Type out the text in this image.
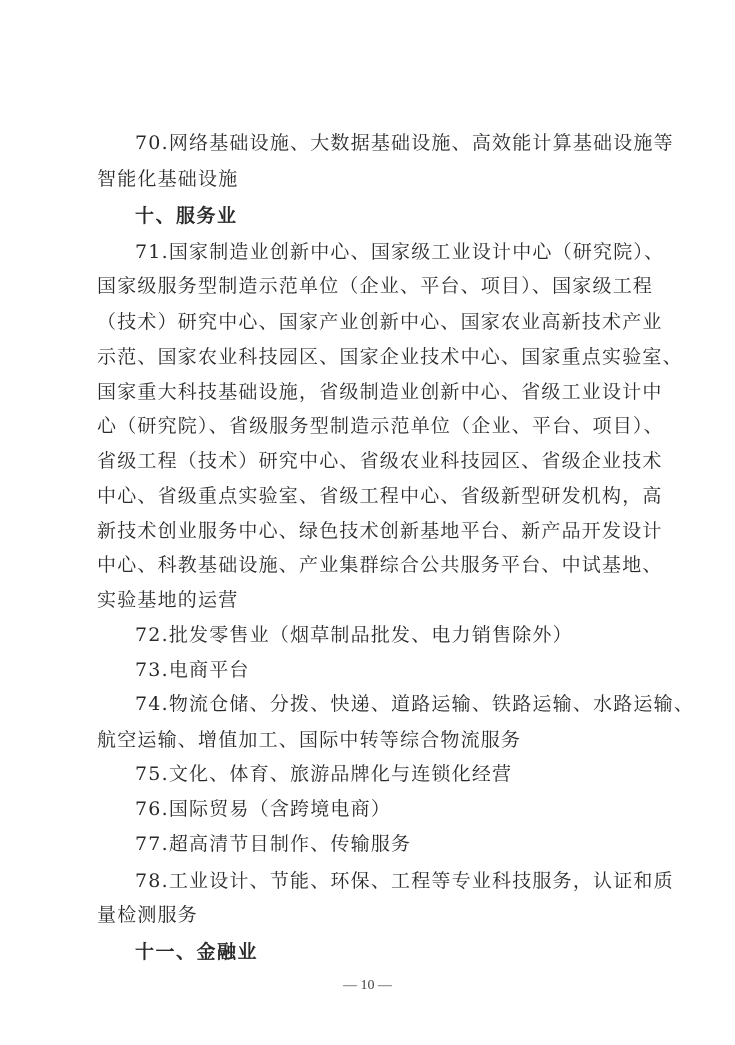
70.网络基础设施、大数据基础设施、高效能计算基础设施等
智能化基础设施
十、服务业
71.国家制造业创新中心、国家级工业设计中心（研究院）、
国家级服务型制造示范单位（企业、平台、项目）、国家级工程
（技术）研究中心、国家产业创新中心、国家农业高新技术产业
示范、国家农业科技园区、国家企业技术中心、国家重点实验室、
国家重大科技基础设施，省级制造业创新中心、省级工业设计中
心（研究院）、省级服务型制造示范单位（企业、平台、项目）、
省级工程（技术）研究中心、省级农业科技园区、省级企业技术
中心、省级重点实验室、省级工程中心、省级新型研发机构，高
新技术创业服务中心、绿色技术创新基地平台、新产品开发设计
中心、科教基础设施、产业集群综合公共服务平台、中试基地、
实验基地的运营
72.批发零售业（烟草制品批发、电力销售除外）
73.电商平台
74.物流仓储、分拨、快递、道路运输、铁路运输、水路运输、
航空运输、增值加工、国际中转等综合物流服务
75.文化、体育、旅游品牌化与连锁化经营
76.国际贸易（含跨境电商）
77.超高清节目制作、传输服务
78.工业设计、节能、环保、工程等专业科技服务，认证和质
量检测服务
十一、金融业
— 10 —
